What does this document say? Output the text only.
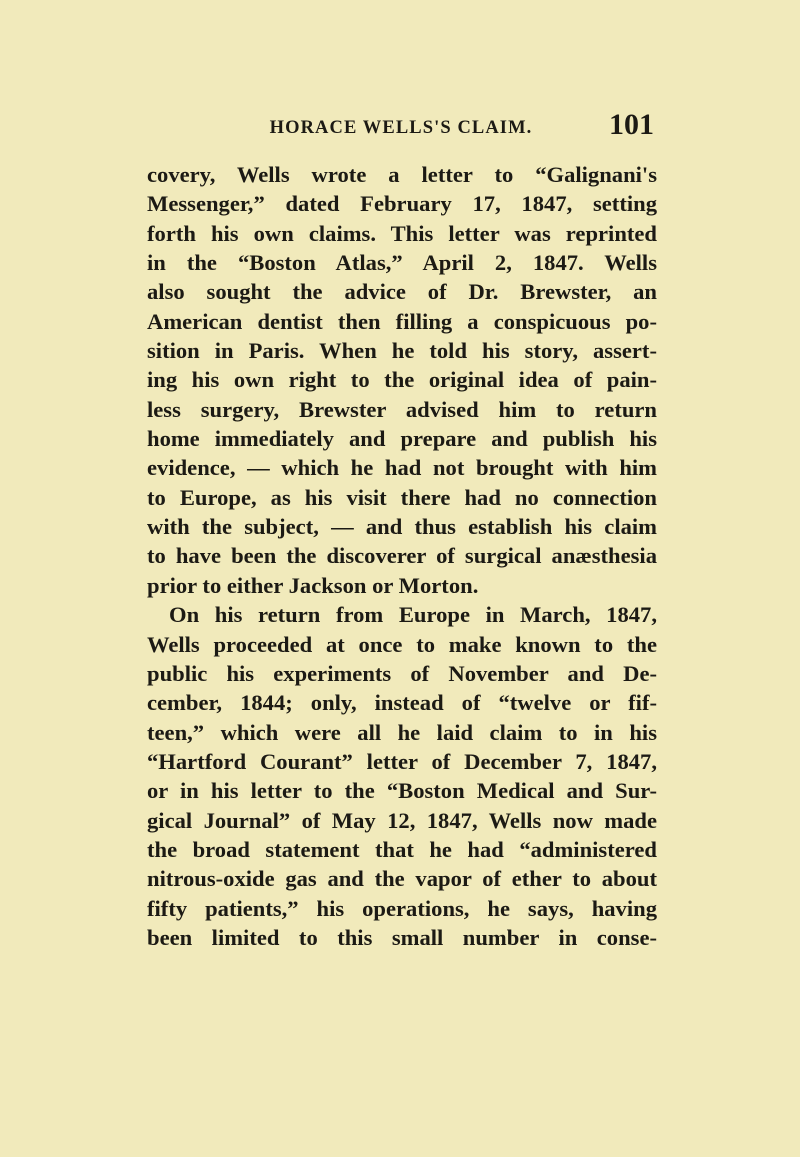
HORACE WELLS'S CLAIM.	101
covery, Wells wrote a letter to “Galignani's
Messenger,” dated February 17, 1847, setting
forth his own claims. This letter was reprinted
in the “Boston Atlas,” April 2, 1847. Wells
also sought the advice of Dr. Brewster, an
American dentist then filling a conspicuous po-
sition in Paris. When he told his story, assert-
ing his own right to the original idea of pain-
less surgery, Brewster advised him to return
home immediately and prepare and publish his
evidence, — which he had not brought with him
to Europe, as his visit there had no connection
with the subject, — and thus establish his claim
to have been the discoverer of surgical anæsthesia
prior to either Jackson or Morton.
On his return from Europe in March, 1847,
Wells proceeded at once to make known to the
public his experiments of November and De-
cember, 1844; only, instead of “twelve or fif-
teen,” which were all he laid claim to in his
“Hartford Courant” letter of December 7, 1847,
or in his letter to the “Boston Medical and Sur-
gical Journal” of May 12, 1847, Wells now made
the broad statement that he had “administered
nitrous-oxide gas and the vapor of ether to about
fifty patients,” his operations, he says, having
been limited to this small number in conse-
